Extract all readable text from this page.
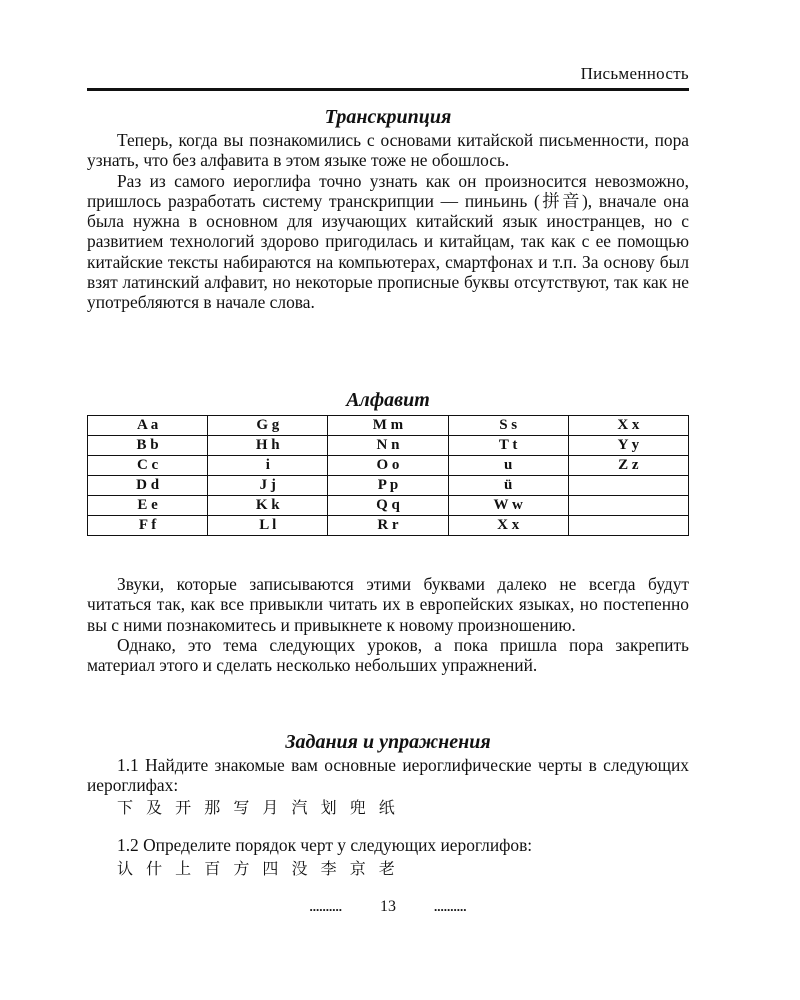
Письменность
Транскрипция

Теперь, когда вы познакомились с основами китайской письменности, пора узнать, что без алфавита в этом языке тоже не обошлось.

Раз из самого иероглифа точно узнать как он произносится невозможно, пришлось разработать систему транскрипции — пиньинь (拼音), вначале она была нужна в основном для изучающих китайский язык иностранцев, но с развитием технологий здорово пригодилась и китайцам, так как с ее помощью китайские тексты набираются на компьютерах, смартфонах и т.п. За основу был взят латинский алфавит, но некоторые прописные буквы отсутствуют, так как не употребляются в начале слова.

Алфавит
A a	G g	M m	S s	X x
B b	H h	N n	T t	Y y
C c	i	O o	u	Z z
D d	J j	P p	ü	
E e	K k	Q q	W w	
F f	L l	R r	X x	

Звуки, которые записываются этими буквами далеко не всегда будут читаться так, как все привыкли читать их в европейских языках, но постепенно вы с ними познакомитесь и привыкнете к новому произношению.

Однако, это тема следующих уроков, а пока пришла пора закрепить материал этого и сделать несколько небольших упражнений.

Задания и упражнения

1.1 Найдите знакомые вам основные иероглифические черты в следующих иероглифах:

下 及 开 那 写 月 汽 划 兜 纸

1.2 Определите порядок черт у следующих иероглифов:

认 什 上 百 方 四 没 李 京 老
.......... 13	..........
